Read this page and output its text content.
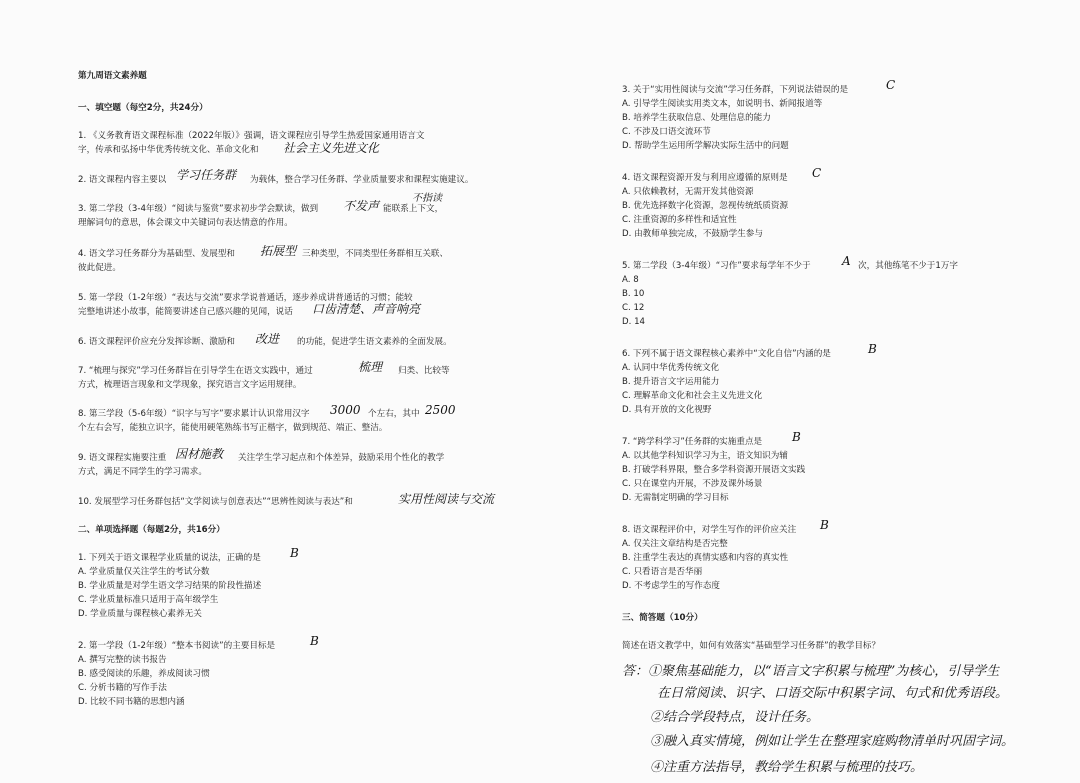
第九周语文素养题
一、填空题（每空2分，共24分）
1. 《义务教育语文课程标准（2022年版）》强调，语文课程应引导学生热爱国家通用语言文
字，传承和弘扬中华优秀传统文化、革命文化和 社会主义先进文化
2. 语文课程内容主要以 学习任务群 为载体，整合学习任务群、学业质量要求和课程实施建议。
3. 第二学段（3-4年级）“阅读与鉴赏”要求初步学会默读，做到 不发声
不指读
能联系上下文，
理解词句的意思，体会课文中关键词句表达情意的作用。
4. 语文学习任务群分为基础型、发展型和 拓展型 三种类型，不同类型任务群相互关联、
彼此促进。
5. 第一学段（1-2年级）“表达与交流”要求学说普通话，逐步养成讲普通话的习惯；能较
完整地讲述小故事，能简要讲述自己感兴趣的见闻，说话 口齿清楚、声音响亮
6. 语文课程评价应充分发挥诊断、激励和 改进 的功能，促进学生语文素养的全面发展。
7. “梳理与探究”学习任务群旨在引导学生在语文实践中，通过	梳理 归类、比较等
方式，梳理语言现象和文学现象，探究语言文字运用规律。
8. 第三学段（5-6年级）“识字与写字”要求累计认识常用汉字 3000 个左右，其中 2500
个左右会写，能独立识字，能使用硬笔熟练书写正楷字，做到规范、端正、整洁。
9. 语文课程实施要注重 因材施教 关注学生学习起点和个体差异，鼓励采用个性化的教学
方式，满足不同学生的学习需求。
10. 发展型学习任务群包括“文学阅读与创意表达”“思辨性阅读与表达”和	实用性阅读与交流
二、单项选择题（每题2分，共16分）
1. 下列关于语文课程学业质量的说法，正确的是 B
A. 学业质量仅关注学生的考试分数
B. 学业质量是对学生语文学习结果的阶段性描述
C. 学业质量标准只适用于高年级学生
D. 学业质量与课程核心素养无关
2. 第一学段（1-2年级）“整本书阅读”的主要目标是	B
A. 撰写完整的读书报告
B. 感受阅读的乐趣，养成阅读习惯
C. 分析书籍的写作手法
D. 比较不同书籍的思想内涵
3. 关于“实用性阅读与交流”学习任务群，下列说法错误的是	C
A. 引导学生阅读实用类文本，如说明书、新闻报道等
B. 培养学生获取信息、处理信息的能力
C. 不涉及口语交流环节
D. 帮助学生运用所学解决实际生活中的问题
4. 语文课程资源开发与利用应遵循的原则是 C
A. 只依赖教材，无需开发其他资源
B. 优先选择数字化资源，忽视传统纸质资源
C. 注重资源的多样性和适宜性
D. 由教师单独完成，不鼓励学生参与
5. 第二学段（3-4年级）“习作”要求每学年不少于	A 次，其他练笔不少于1万字
A. 8
B. 10
C. 12
D. 14
6. 下列不属于语文课程核心素养中“文化自信”内涵的是	B
A. 认同中华优秀传统文化
B. 提升语言文字运用能力
C. 理解革命文化和社会主义先进文化
D. 具有开放的文化视野
7. “跨学科学习”任务群的实施重点是 B
A. 以其他学科知识学习为主，语文知识为辅
B. 打破学科界限，整合多学科资源开展语文实践
C. 只在课堂内开展，不涉及课外场景
D. 无需制定明确的学习目标
8. 语文课程评价中，对学生写作的评价应关注 B
A. 仅关注文章结构是否完整
B. 注重学生表达的真情实感和内容的真实性
C. 只看语言是否华丽
D. 不考虑学生的写作态度
三、简答题（10分）
简述在语文教学中，如何有效落实“基础型学习任务群”的教学目标？
答：①聚焦基础能力，以“语言文字积累与梳理”为核心，引导学生
在日常阅读、识字、口语交际中积累字词、句式和优秀语段。
②结合学段特点，设计任务。
③融入真实情境，例如让学生在整理家庭购物清单时巩固字词。
④注重方法指导，教给学生积累与梳理的技巧。
